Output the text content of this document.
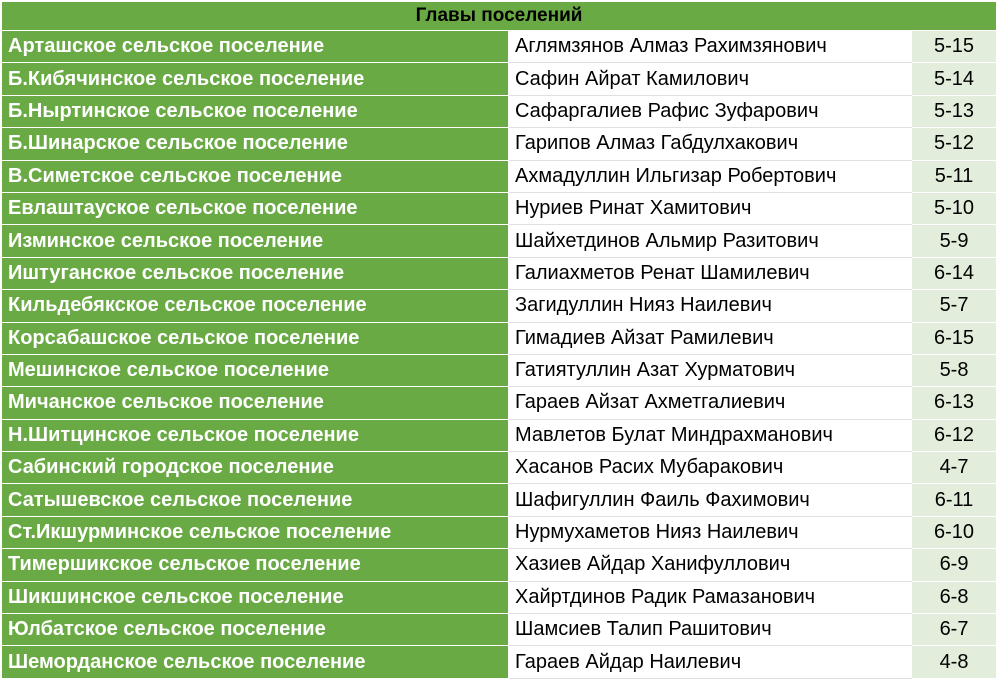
Главы поселений		
Арташское сельское поселение	Аглямзянов Алмаз Рахимзянович	5-15
Б.Кибячинское сельское поселение	Сафин Айрат Камилович	5-14
Б.Ныртинское сельское поселение	Сафаргалиев Рафис Зуфарович	5-13
Б.Шинарское сельское поселение	Гарипов Алмаз Габдулхакович	5-12
В.Симетское сельское поселение	Ахмадуллин Ильгизар Робертович	5-11
Евлаштауское сельское поселение	Нуриев Ринат Хамитович	5-10
Изминское сельское поселение	Шайхетдинов Альмир Разитович	5-9
Иштуганское сельское поселение	Галиахметов Ренат Шамилевич	6-14
Кильдебякское сельское поселение	Загидуллин Нияз Наилевич	5-7
Корсабашское сельское поселение	Гимадиев Айзат Рамилевич	6-15
Мешинское сельское поселение	Гатиятуллин Азат Хурматович	5-8
Мичанское сельское поселение	Гараев Айзат Ахметгалиевич	6-13
Н.Шитцинское сельское поселение	Мавлетов Булат Миндрахманович	6-12
Сабинский городское поселение	Хасанов Расих Мубаракович	4-7
Сатышевское сельское поселение	Шафигуллин Фаиль Фахимович	6-11
Ст.Икшурминское сельское поселение	Нурмухаметов Нияз Наилевич	6-10
Тимершикское сельское поселение	Хазиев Айдар Ханифуллович	6-9
Шикшинское сельское поселение	Хайртдинов Радик Рамазанович	6-8
Юлбатское сельское поселение	Шамсиев Талип Рашитович	6-7
Шеморданское сельское поселение	Гараев Айдар Наилевич	4-8
